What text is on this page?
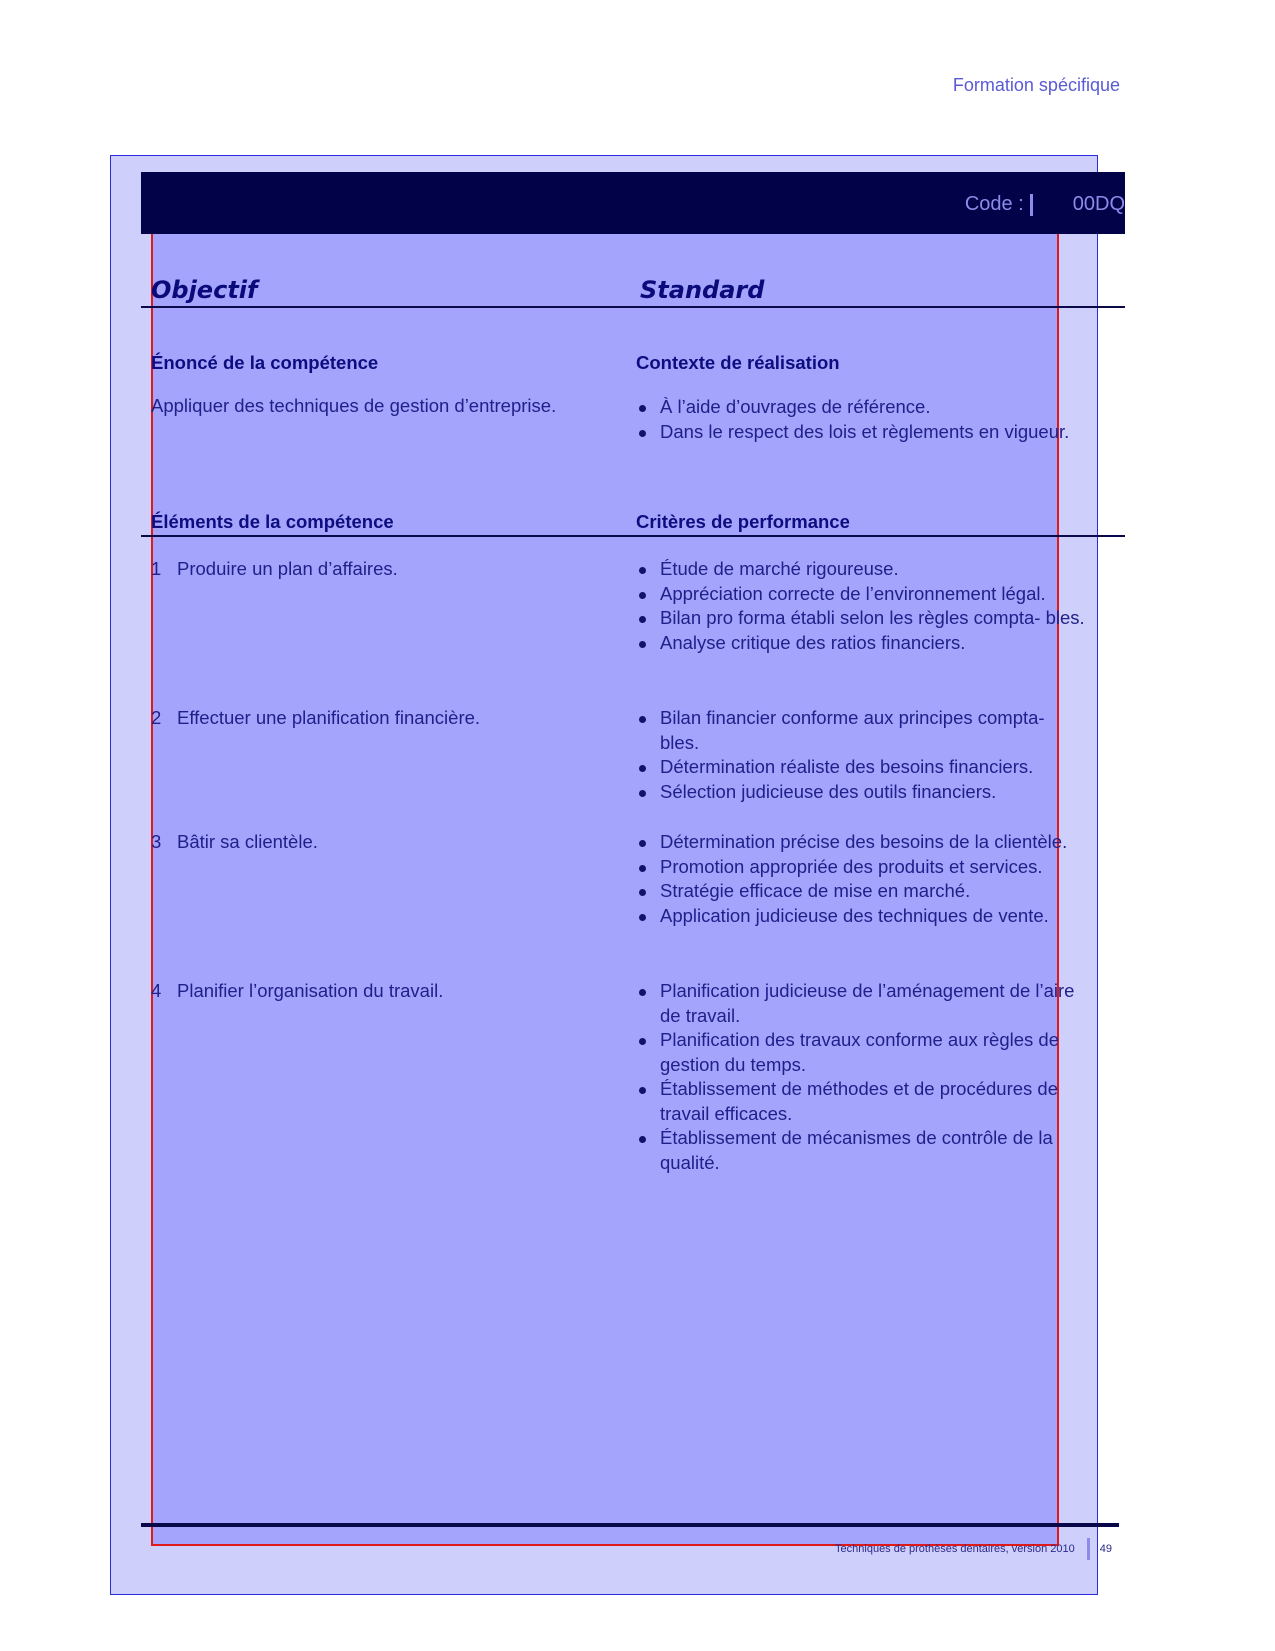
Formation spécifique
Code : 00DQ
Objectif	Standard
Énoncé de la compétence	Contexte de réalisation
Appliquer des techniques de gestion d’entreprise.	À l’aide d’ouvrages de référence.
Dans le respect des lois et règlements en vigueur.
Éléments de la compétence	Critères de performance
1 Produire un plan d’affaires.	Étude de marché rigoureuse.
Appréciation correcte de l’environnement légal.
Bilan pro forma établi selon les règles compta- bles.
Analyse critique des ratios financiers.
2 Effectuer une planification financière.	Bilan financier conforme aux principes compta- bles.
Détermination réaliste des besoins financiers.
Sélection judicieuse des outils financiers.
3 Bâtir sa clientèle.	Détermination précise des besoins de la clientèle.
Promotion appropriée des produits et services.
Stratégie efficace de mise en marché.
Application judicieuse des techniques de vente.
4 Planifier l’organisation du travail.	Planification judicieuse de l’aménagement de l’aire de travail.
Planification des travaux conforme aux règles de gestion du temps.
Établissement de méthodes et de procédures de travail efficaces.
Établissement de mécanismes de contrôle de la qualité.
Techniques de prothèses dentaires, version 2010 49
